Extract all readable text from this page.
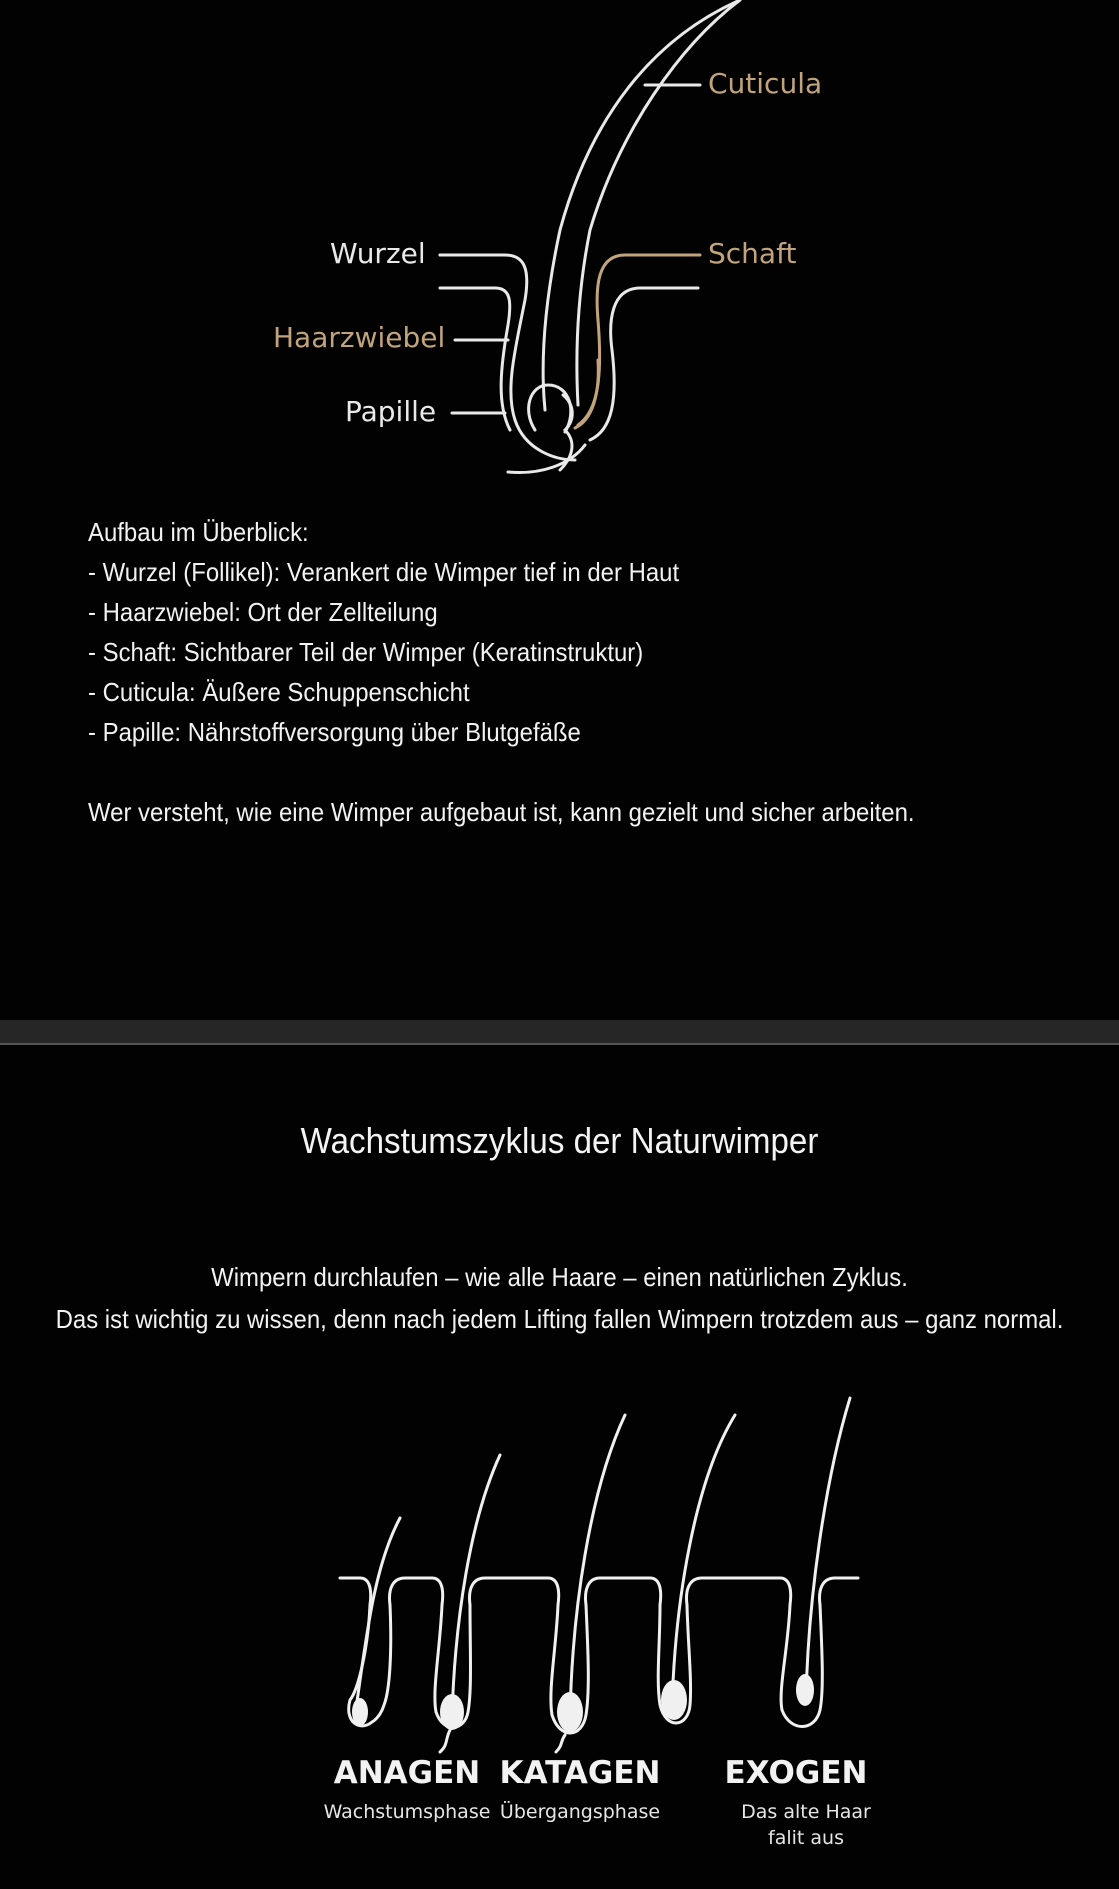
Cuticula
Schaft
Wurzel
Haarzwiebel
Papille

Aufbau im Überblick:

- Wurzel (Follikel): Verankert die Wimper tief in der Haut

- Haarzwiebel: Ort der Zellteilung

- Schaft: Sichtbarer Teil der Wimper (Keratinstruktur)

- Cuticula: Äußere Schuppenschicht

- Papille: Nährstoffversorgung über Blutgefäße

Wer versteht, wie eine Wimper aufgebaut ist, kann gezielt und sicher arbeiten.

Wachstumszyklus der Naturwimper

Wimpern durchlaufen – wie alle Haare – einen natürlichen Zyklus.

Das ist wichtig zu wissen, denn nach jedem Lifting fallen Wimpern trotzdem aus – ganz normal.

ANAGEN
Wachstumsphase
KATAGEN
Übergangsphase
EXOGEN
Das alte Haar
falit aus
